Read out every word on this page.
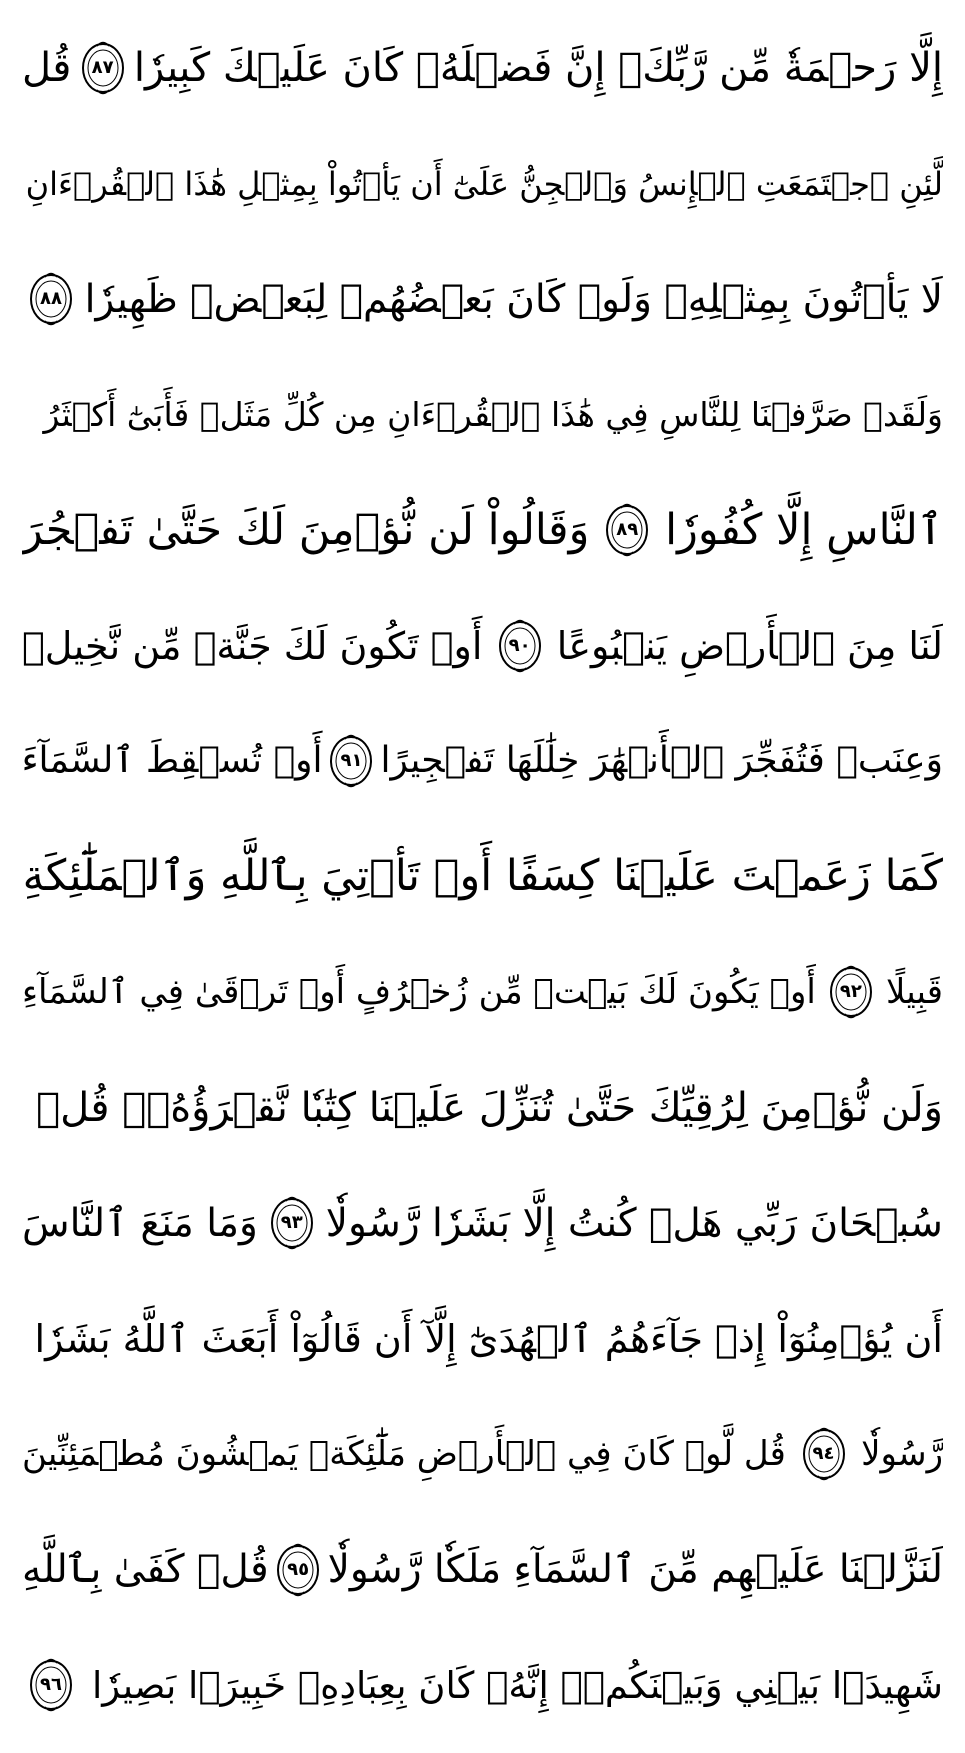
إِلَّا رَحۡمَةٗ مِّن رَّبِّكَۚ إِنَّ فَضۡلَهُۥ كَانَ عَلَيۡكَ كَبِيرٗا
٨٧
قُل
لَّئِنِ ٱجۡتَمَعَتِ ٱلۡإِنسُ وَٱلۡجِنُّ عَلَىٰٓ أَن يَأۡتُواْ بِمِثۡلِ هَٰذَا ٱلۡقُرۡءَانِ
لَا يَأۡتُونَ بِمِثۡلِهِۦ وَلَوۡ كَانَ بَعۡضُهُمۡ لِبَعۡضٖ ظَهِيرٗا
٨٨
وَلَقَدۡ صَرَّفۡنَا لِلنَّاسِ فِي هَٰذَا ٱلۡقُرۡءَانِ مِن كُلِّ مَثَلٖ فَأَبَىٰٓ أَكۡثَرُ
ٱلنَّاسِ إِلَّا كُفُورٗا
٨٩
وَقَالُواْ لَن نُّؤۡمِنَ لَكَ حَتَّىٰ تَفۡجُرَ
لَنَا مِنَ ٱلۡأَرۡضِ يَنۢبُوعًا
٩٠
أَوۡ تَكُونَ لَكَ جَنَّةٞ مِّن نَّخِيلٖ
وَعِنَبٖ فَتُفَجِّرَ ٱلۡأَنۡهَٰرَ خِلَٰلَهَا تَفۡجِيرًا
٩١
أَوۡ تُسۡقِطَ ٱلسَّمَآءَ
كَمَا زَعَمۡتَ عَلَيۡنَا كِسَفًا أَوۡ تَأۡتِيَ بِٱللَّهِ وَٱلۡمَلَٰٓئِكَةِ
قَبِيلًا
٩٢
أَوۡ يَكُونَ لَكَ بَيۡتٞ مِّن زُخۡرُفٍ أَوۡ تَرۡقَىٰ فِي ٱلسَّمَآءِ
وَلَن نُّؤۡمِنَ لِرُقِيِّكَ حَتَّىٰ تُنَزِّلَ عَلَيۡنَا كِتَٰبٗا نَّقۡرَؤُهُۥۗ قُلۡ
سُبۡحَانَ رَبِّي هَلۡ كُنتُ إِلَّا بَشَرٗا رَّسُولٗا
٩٣
وَمَا مَنَعَ ٱلنَّاسَ
أَن يُؤۡمِنُوٓاْ إِذۡ جَآءَهُمُ ٱلۡهُدَىٰٓ إِلَّآ أَن قَالُوٓاْ أَبَعَثَ ٱللَّهُ بَشَرٗا
رَّسُولٗا
٩٤
قُل لَّوۡ كَانَ فِي ٱلۡأَرۡضِ مَلَٰٓئِكَةٞ يَمۡشُونَ مُطۡمَئِنِّينَ
لَنَزَّلۡنَا عَلَيۡهِم مِّنَ ٱلسَّمَآءِ مَلَكٗا رَّسُولٗا
٩٥
قُلۡ كَفَىٰ بِٱللَّهِ
شَهِيدَۢا بَيۡنِي وَبَيۡنَكُمۡۚ إِنَّهُۥ كَانَ بِعِبَادِهِۦ خَبِيرَۢا بَصِيرٗا
٩٦
